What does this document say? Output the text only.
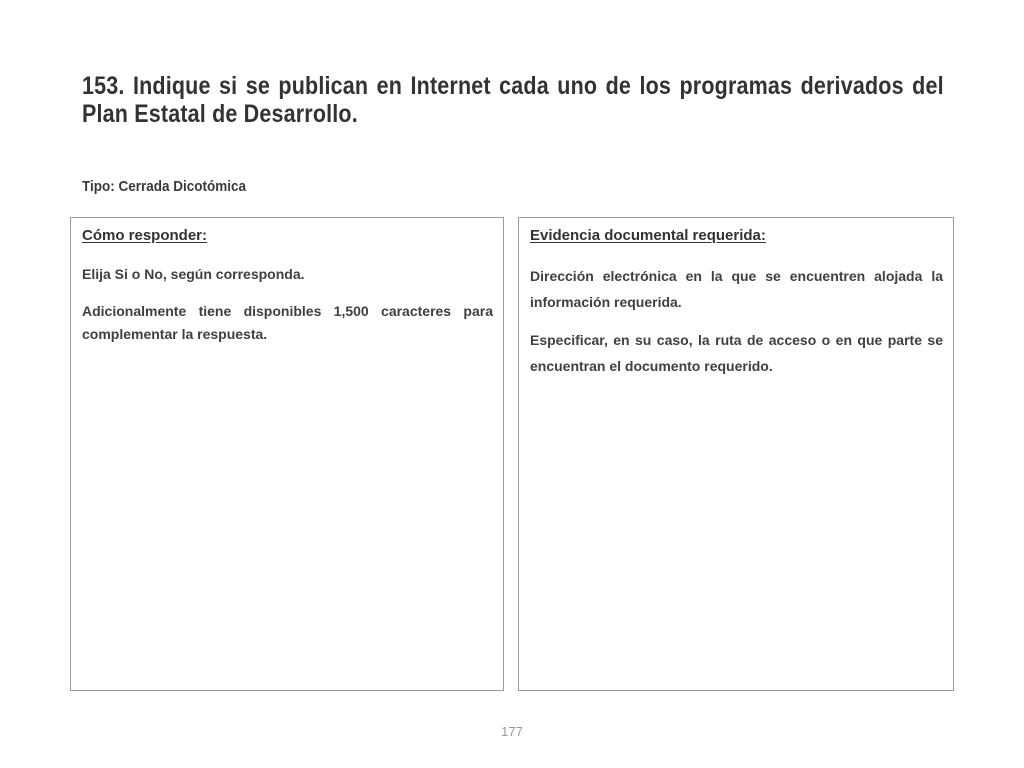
153. Indique si se publican en Internet cada uno de los programas derivados del Plan Estatal de Desarrollo.

Tipo: Cerrada Dicotómica

Cómo responder:

Elija Si o No, según corresponda.

Adicionalmente tiene disponibles 1,500 caracteres para complementar la respuesta.

Evidencia documental requerida:

Dirección electrónica en la que se encuentren alojada la información requerida.

Especificar, en su caso, la ruta de acceso o en que parte se encuentran el documento requerido.

177
